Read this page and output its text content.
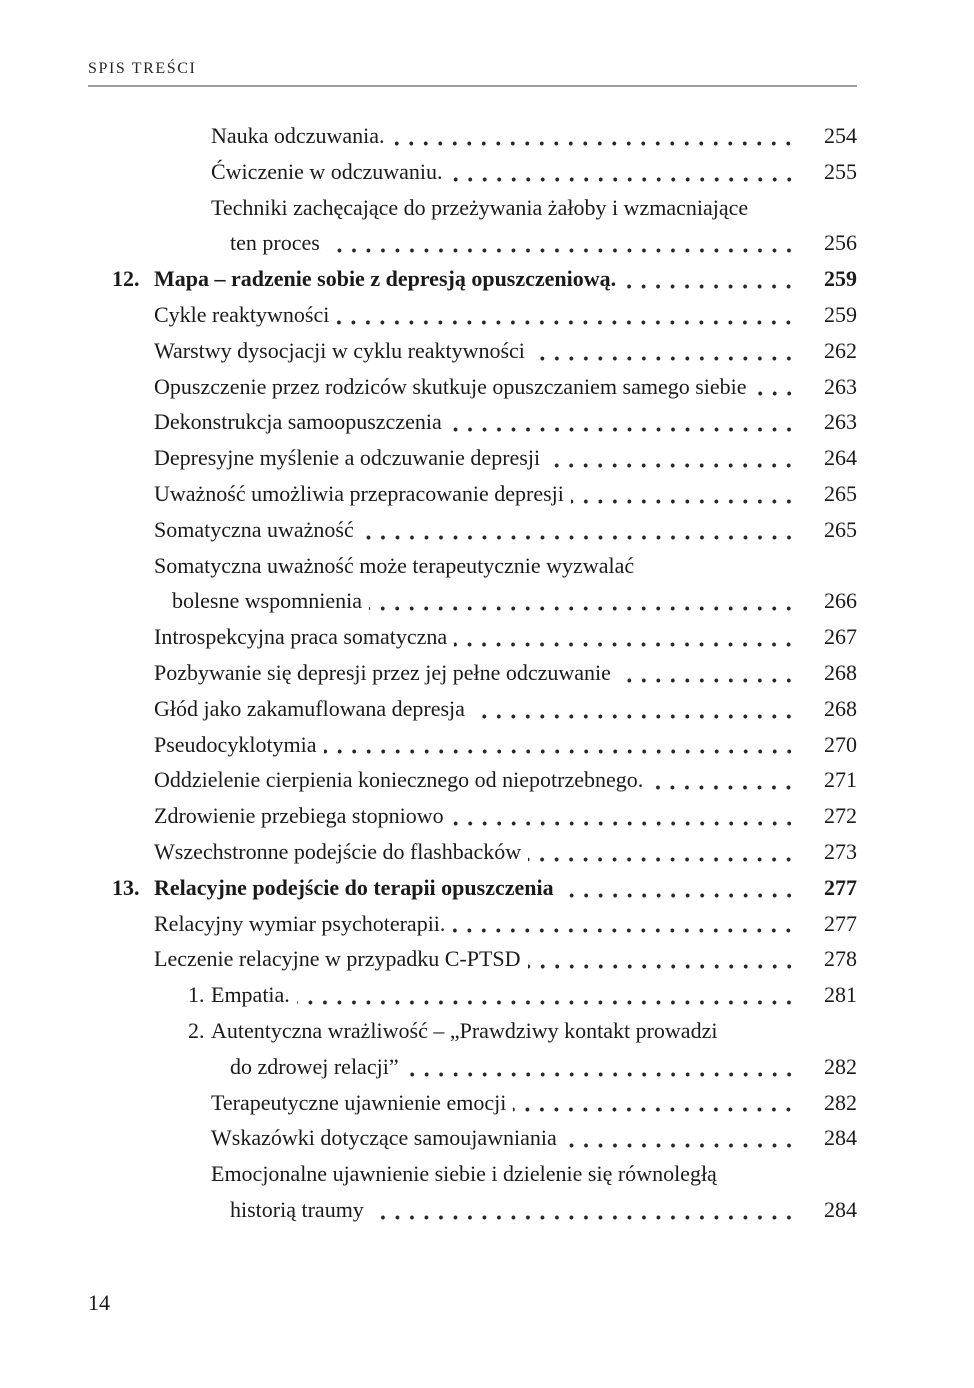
SPIS TREŚCI
Nauka odczuwania.	254
Ćwiczenie w odczuwaniu.	255
Techniki zachęcające do przeżywania żałoby i wzmacniające
ten proces	256
12. Mapa – radzenie sobie z depresją opuszczeniową.	259
Cykle reaktywności	259
Warstwy dysocjacji w cyklu reaktywności	262
Opuszczenie przez rodziców skutkuje opuszczaniem samego siebie	263
Dekonstrukcja samoopuszczenia	263
Depresyjne myślenie a odczuwanie depresji	264
Uważność umożliwia przepracowanie depresji	265
Somatyczna uważność	265
Somatyczna uważność może terapeutycznie wyzwalać
bolesne wspomnienia	266
Introspekcyjna praca somatyczna	267
Pozbywanie się depresji przez jej pełne odczuwanie	268
Głód jako zakamuflowana depresja	268
Pseudocyklotymia	270
Oddzielenie cierpienia koniecznego od niepotrzebnego.	271
Zdrowienie przebiega stopniowo	272
Wszechstronne podejście do flashbacków	273
13. Relacyjne podejście do terapii opuszczenia	277
Relacyjny wymiar psychoterapii.	277
Leczenie relacyjne w przypadku C-PTSD	278
1. Empatia.	281
2. Autentyczna wrażliwość – „Prawdziwy kontakt prowadzi
do zdrowej relacji”	282
Terapeutyczne ujawnienie emocji	282
Wskazówki dotyczące samoujawniania	284
Emocjonalne ujawnienie siebie i dzielenie się równoległą
historią traumy	284
14
